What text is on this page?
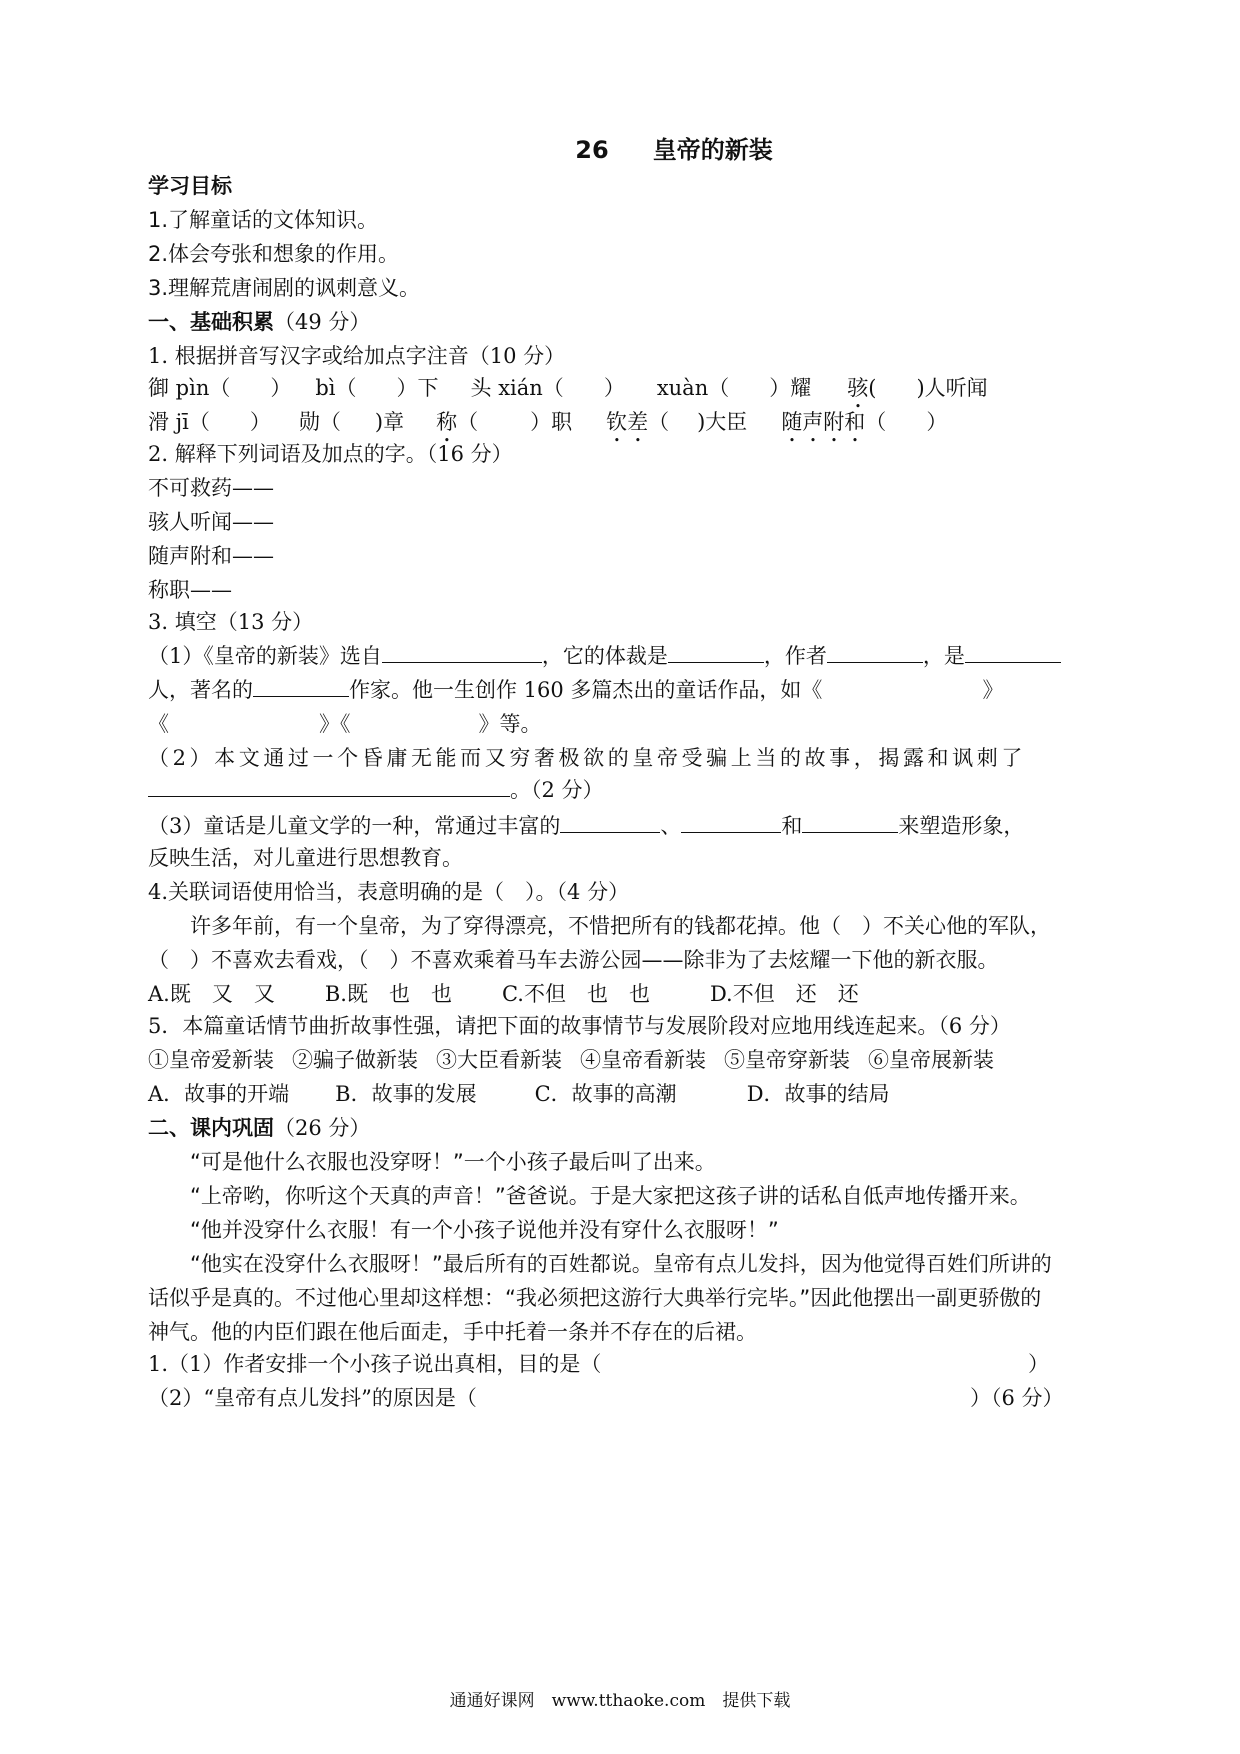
26 皇帝的新装
学习目标
1.了解童话的文体知识。
2.体会夸张和想象的作用。
3.理解荒唐闹剧的讽刺意义。
一、基础积累（49 分）
1. 根据拼音写汉字或给加点字注音（10 分）
御 pìn（ ） bì（ ）下 头 xián（ ） xuàn（ ）耀 骇( )人听闻
滑 jī（ ） 勋（ )章 称（ ）职 钦差（ )大臣 随声附和（ ）
2. 解释下列词语及加点的字。（16 分）
不可救药——
骇人听闻——
随声附和——
称职——
3. 填空（13 分）
（1）《皇帝的新装》选自	，它的体裁是	，作者	，是
人，著名的	作家。他一生创作 160 多篇杰出的童话作品，如《	》
《	》《	》等。
（2）本文通过一个昏庸无能而又穷奢极欲的皇帝受骗上当的故事，揭露和讽刺了
。（2 分）
（3）童话是儿童文学的一种，常通过丰富的	、	和	来塑造形象，
反映生活，对儿童进行思想教育。
4.关联词语使用恰当，表意明确的是（　）。（4 分）
许多年前，有一个皇帝，为了穿得漂亮，不惜把所有的钱都花掉。他（　）不关心他的军队，
（　）不喜欢去看戏，（　）不喜欢乘着马车去游公园——除非为了去炫耀一下他的新衣服。
A.既　又　又 B.既　也　也 C.不但　也　也	D.不但　还　还
5．本篇童话情节曲折故事性强，请把下面的故事情节与发展阶段对应地用线连起来。（6 分）
①皇帝爱新装 ②骗子做新装 ③大臣看新装 ④皇帝看新装 ⑤皇帝穿新装 ⑥皇帝展新装
A．故事的开端 B．故事的发展	C．故事的高潮	D．故事的结局
二、课内巩固（26 分）
“可是他什么衣服也没穿呀！”一个小孩子最后叫了出来。
“上帝哟，你听这个天真的声音！”爸爸说。于是大家把这孩子讲的话私自低声地传播开来。
“他并没穿什么衣服！有一个小孩子说他并没有穿什么衣服呀！”
“他实在没穿什么衣服呀！”最后所有的百姓都说。皇帝有点儿发抖，因为他觉得百姓们所讲的
话似乎是真的。不过他心里却这样想：“我必须把这游行大典举行完毕。”因此他摆出一副更骄傲的
神气。他的内臣们跟在他后面走，手中托着一条并不存在的后裙。
1.（1）作者安排一个小孩子说出真相，目的是（	）
（2）“皇帝有点儿发抖”的原因是（	）（6 分）
通通好课网　www.tthaoke.com　提供下载
